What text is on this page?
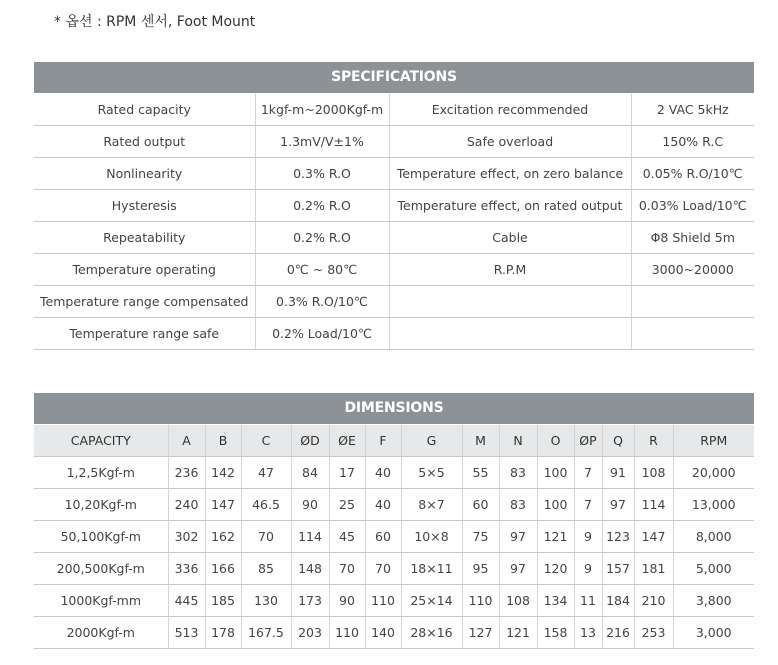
* 옵션 : RPM 센서, Foot Mount
SPECIFICATIONS
Rated capacity	1kgf-m~2000Kgf-m	Excitation recommended	2 VAC 5kHz
Rated output	1.3mV/V±1%	Safe overload	150% R.C
Nonlinearity	0.3% R.O	Temperature effect, on zero balance	0.05% R.O/10℃
Hysteresis	0.2% R.O	Temperature effect, on rated output	0.03% Load/10℃
Repeatability	0.2% R.O	Cable	Φ8 Shield 5m
Temperature operating	0℃ ~ 80℃	R.P.M	3000~20000
Temperature range compensated	0.3% R.O/10℃		
Temperature range safe	0.2% Load/10℃		
DIMENSIONS
CAPACITY	A	B	C	ØD	ØE	F	G	M	N	O	ØP	Q	R	RPM
1,2,5Kgf-m	236	142	47	84	17	40	5×5	55	83	100	7	91	108	20,000
10,20Kgf-m	240	147	46.5	90	25	40	8×7	60	83	100	7	97	114	13,000
50,100Kgf-m	302	162	70	114	45	60	10×8	75	97	121	9	123	147	8,000
200,500Kgf-m	336	166	85	148	70	70	18×11	95	97	120	9	157	181	5,000
1000Kgf-mm	445	185	130	173	90	110	25×14	110	108	134	11	184	210	3,800
2000Kgf-m	513	178	167.5	203	110	140	28×16	127	121	158	13	216	253	3,000
